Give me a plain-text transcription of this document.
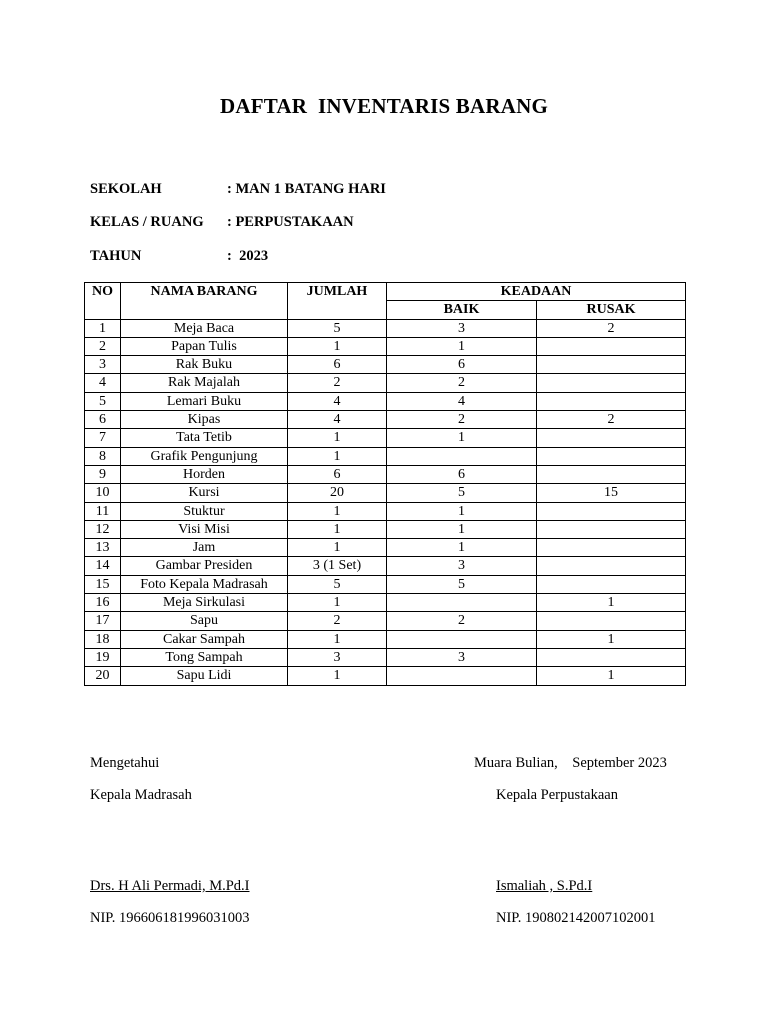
DAFTAR  INVENTARIS BARANG
SEKOLAH	: MAN 1 BATANG HARI
KELAS / RUANG : PERPUSTAKAAN
TAHUN	:  2023
NO	NAMA BARANG	JUMLAH	KEADAAN	
			BAIK	RUSAK
1	Meja Baca	5	3	2
2	Papan Tulis	1	1	
3	Rak Buku	6	6	
4	Rak Majalah	2	2	
5	Lemari Buku	4	4	
6	Kipas	4	2	2
7	Tata Tetib	1	1	
8	Grafik Pengunjung	1		
9	Horden	6	6	
10	Kursi	20	5	15
11	Stuktur	1	1	
12	Visi Misi	1	1	
13	Jam	1	1	
14	Gambar Presiden	3 (1 Set)	3	
15	Foto Kepala Madrasah	5	5	
16	Meja Sirkulasi	1		1
17	Sapu	2	2	
18	Cakar Sampah	1		1
19	Tong Sampah	3	3	
20	Sapu Lidi	1		1
Mengetahui
Kepala Madrasah
Drs. H Ali Permadi, M.Pd.I
NIP. 196606181996031003
Muara Bulian,    September 2023
Kepala Perpustakaan
Ismaliah , S.Pd.I
NIP. 190802142007102001
